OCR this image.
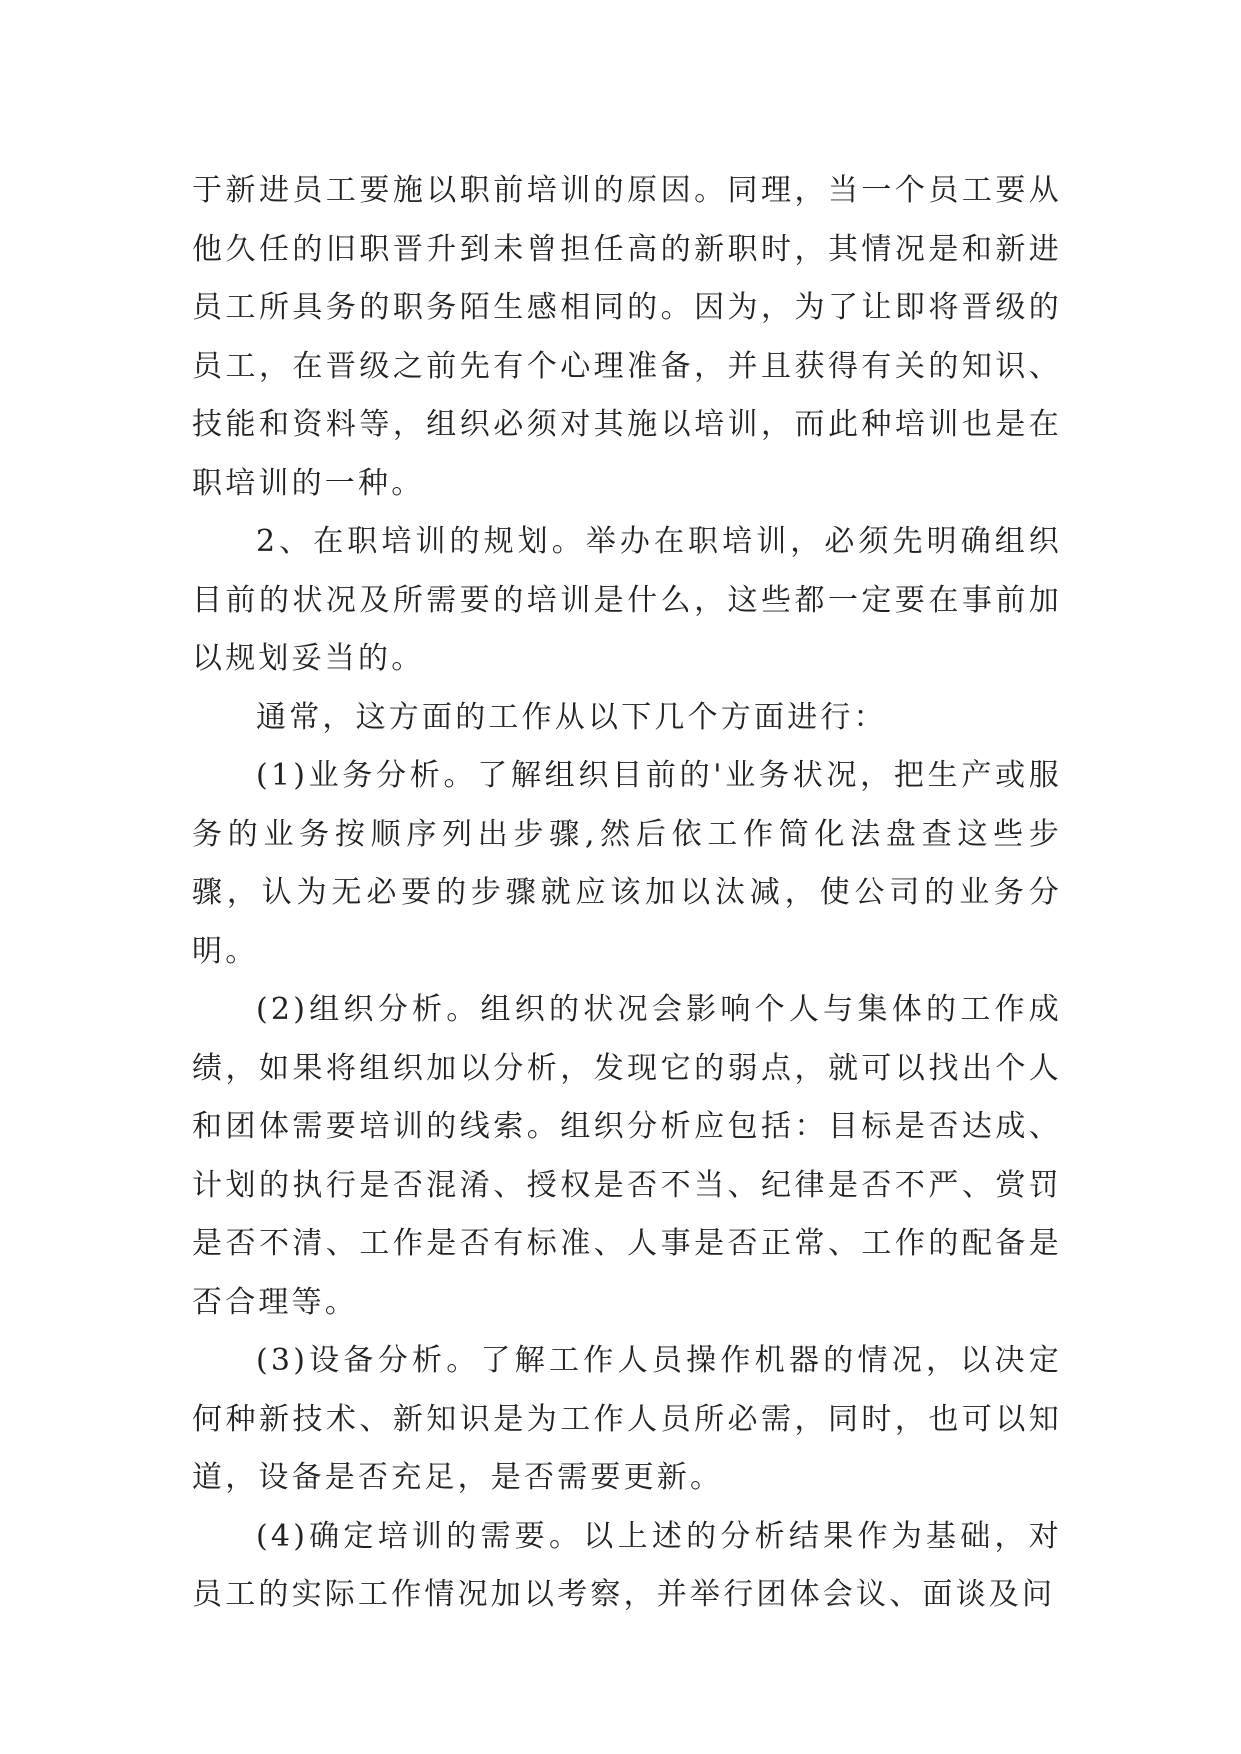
于新进员工要施以职前培训的原因。同理，当一个员工要从他久任的旧职晋升到未曾担任高的新职时，其情况是和新进员工所具务的职务陌生感相同的。因为，为了让即将晋级的员工，在晋级之前先有个心理准备，并且获得有关的知识、技能和资料等，组织必须对其施以培训，而此种培训也是在职培训的一种。

2、在职培训的规划。举办在职培训，必须先明确组织目前的状况及所需要的培训是什么，这些都一定要在事前加以规划妥当的。

通常，这方面的工作从以下几个方面进行：

(1)业务分析。了解组织目前的'业务状况，把生产或服务的业务按顺序列出步骤,然后依工作简化法盘查这些步骤，认为无必要的步骤就应该加以汰减，使公司的业务分明。

(2)组织分析。组织的状况会影响个人与集体的工作成绩，如果将组织加以分析，发现它的弱点，就可以找出个人和团体需要培训的线索。组织分析应包括：目标是否达成、计划的执行是否混淆、授权是否不当、纪律是否不严、赏罚是否不清、工作是否有标准、人事是否正常、工作的配备是否合理等。

(3)设备分析。了解工作人员操作机器的情况，以决定何种新技术、新知识是为工作人员所必需，同时，也可以知道，设备是否充足，是否需要更新。

(4)确定培训的需要。以上述的分析结果作为基础，对员工的实际工作情况加以考察，并举行团体会议、面谈及问
